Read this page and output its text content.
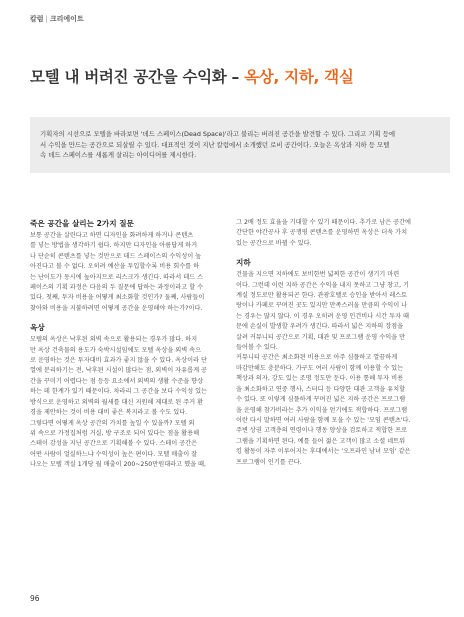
칼럼 | 크리에이트
모텔 내 버려진 공간을 수익화 – 옥상, 지하, 객실

기획자의 시선으로 모텔을 바라보면 '데드 스페이스(Dead Space)'라고 불리는 버려진 공간을 발견할 수 있다. 그리고 기획 등에

서 수익을 만드는 공간으로 되살릴 수 있다. 대표적인 것이 지난 칼럼에서 소개했던 로비 공간이다. 오늘은 옥상과 지하 등 모텔

속 데드 스페이스를 새롭게 살리는 아이디어를 제시한다.

죽은 공간을 살리는 2가지 질문
보통 공간을 살린다고 하면 디자인을 화려하게 하거나 콘텐츠
를 넣는 방법을 생각하기 쉽다. 하지만 디자인을 아름답게 하거
나 단순히 콘텐츠를 넣는 것만으로 데드 스페이스의 수익성이 높
아진다고 볼 수 없다. 오히려 예산을 투입할수록 비용 회수를 하
는 난이도가 동시에 높아지므로 리스크가 생긴다. 따라서 데드 스
페이스의 기획 과정은 다음의 두 질문에 답하는 과정이라고 할 수
있다. 첫째, 투자 비용을 어떻게 최소화할 것인가? 둘째, 사람들이
찾아와 비용을 지불하려면 어떻게 공간을 운영해야 하는가?이다.
옥상
모텔의 옥상은 낙후된 외벽 속으로 활용되는 경우가 많다. 하지
만 옥상 건축물의 용도가 숙박시설임에도 모텔 옥상을 외벽 속으
로 운영하는 것은 투자대비 효과가 좋지 않을 수 있다. 옥상이라 단
열에 분리하기는 전, 낙후된 시설이 많다는 점, 외벽이 자유롭게 공
간을 꾸미기 어렵다는 점 등등 요소에서 외벽의 생활 수준을 향상
하는 데 한계가 있기 때문이다. 차라리 그 공간을 보다 수익성 있는
방식으로 운영하고 외벽의 월세를 대신 지원해 제대로 된 주거 환
경을 제안하는 것이 비용 대비 좋은 복지라고 볼 수도 있다.
그렇다면 어떻게 옥상 공간의 가치를 높일 수 있을까? 모텔 외
위 속으로 가정집처럼 거실, 방 구조로 되어 있다는 점을 활용해
스테이 감성을 지닌 공간으로 기획해볼 수 있다. 스테이 공간은
어떤 사람이 얼실하느냐 수익성이 높은 편이다. 모텔 매출이 잘
나오는 모텔 객실 1개당 월 매출이 200~250만원대라고 했을 때,
그 2배 정도 효율을 기대할 수 있기 때문이다. 추가로 남은 공간에
간단한 야간공사 후 공쟁평 콘텐츠를 운영하면 옥상은 더욱 가치
있는 공간으로 바뀔 수 있다.
지하
건물을 지으면 지하에도 보비한번 넓찌한 공간이 생기기 마련
이다. 그런데 이런 지하 공간은 수익을 내지 못하고 그냥 창고, 기
계실 정도로만 활용되곤 한다. 관광호텔로 승인을 받아서 레스토
랑이나 카페로 꾸며진 곳도 있지만 만족스러울 만큼의 수익이 나
는 경우는 많지 않다. 이 경우 오히려 운영 인건비나 시간 투자 때
문에 손실이 발생할 우려가 생긴다. 따라서 넓은 지하의 장점을
살려 커뮤니티 공간으로 기획, 대관 및 프로그램 운영 수익을 만
들어볼 수 있다.
커뮤니티 공간은 최소화된 비용으로 아주 심플하고 깔끔하게
마감만해도 충분하다. 가구도 여러 사람이 함께 이용할 수 있는
책상과 의자, 강도 있는 조명 정도만 둔다. 이용 통해 투자 비용
을 최소화하고 연중 행사, 스터디 등 다양한 대관 고객을 유치할
수 있다. 또 이렇게 심플하게 꾸며진 넓은 지하 공간은 프로그램
을 운영해 참가비라는 추가 이익을 얻기에도 적합하다. 프로그램
이란 다시 말하면 여러 사람을 함께 모을 수 있는 '모임 콘텐츠'다.
주변 상권 고객층의 연령이나 행동 양상을 검토하고 적합한 프로
그램을 기획하면 된다. 예를 들어 젊은 고객이 많고 소셜 네트워
킹 활동이 자주 이루어지는 후대에서는 '오프라인 남녀 모임' 같은
프로그램이 인기를 끈다.
96
